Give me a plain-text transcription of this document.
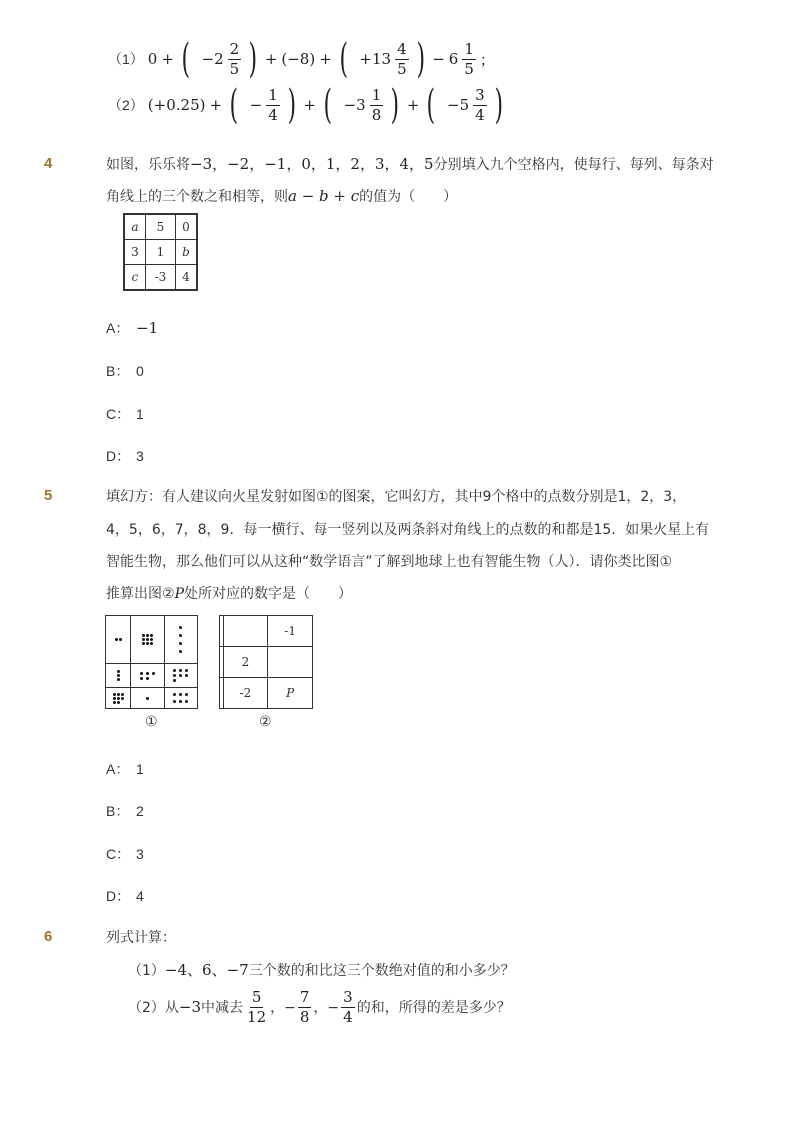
（1） 0 + ( $-2 \frac{2}{5}$ ) + (−8) + ( $+13 \frac{4}{5}$ ) − $6 \frac{1}{5}$ ；
（2） (+0.25) + ( − $\frac{1}{4}$ ) + ( $-3 \frac{1}{8}$ ) + ( $-5 \frac{3}{4}$ )
4	如图，乐乐将−3，−2，−1，0，1，2，3，4，5分别填入九个空格内，使每行、每列、每条对
角线上的三个数之和相等，则a − b + c的值为（　　）
a	5	0
3	1	b
c	-3	4
A： −1
B： 0
C： 1
D： 3
5	填幻方：有人建议向火星发射如图①的图案，它叫幻方，其中9个格中的点数分别是1，2，3，
4，5，6，7，8，9．每一横行、每一竖列以及两条斜对角线上的点数的和都是15．如果火星上有
智能生物，那么他们可以从这种“数学语言”了解到地球上也有智能生物（人）．请你类比图①
推算出图②P处所对应的数字是（　　）

①
		-1
	2	
	-2	P
②
A： 1
B： 2
C： 3
D： 4
6	列式计算：
（1）−4、6、−7三个数的和比这三个数绝对值的和小多少？
（2）从 −3 中减去 $\frac{5}{12}$ ，− $\frac{7}{8}$ ，− $\frac{3}{4}$ 的和，所得的差是多少？
